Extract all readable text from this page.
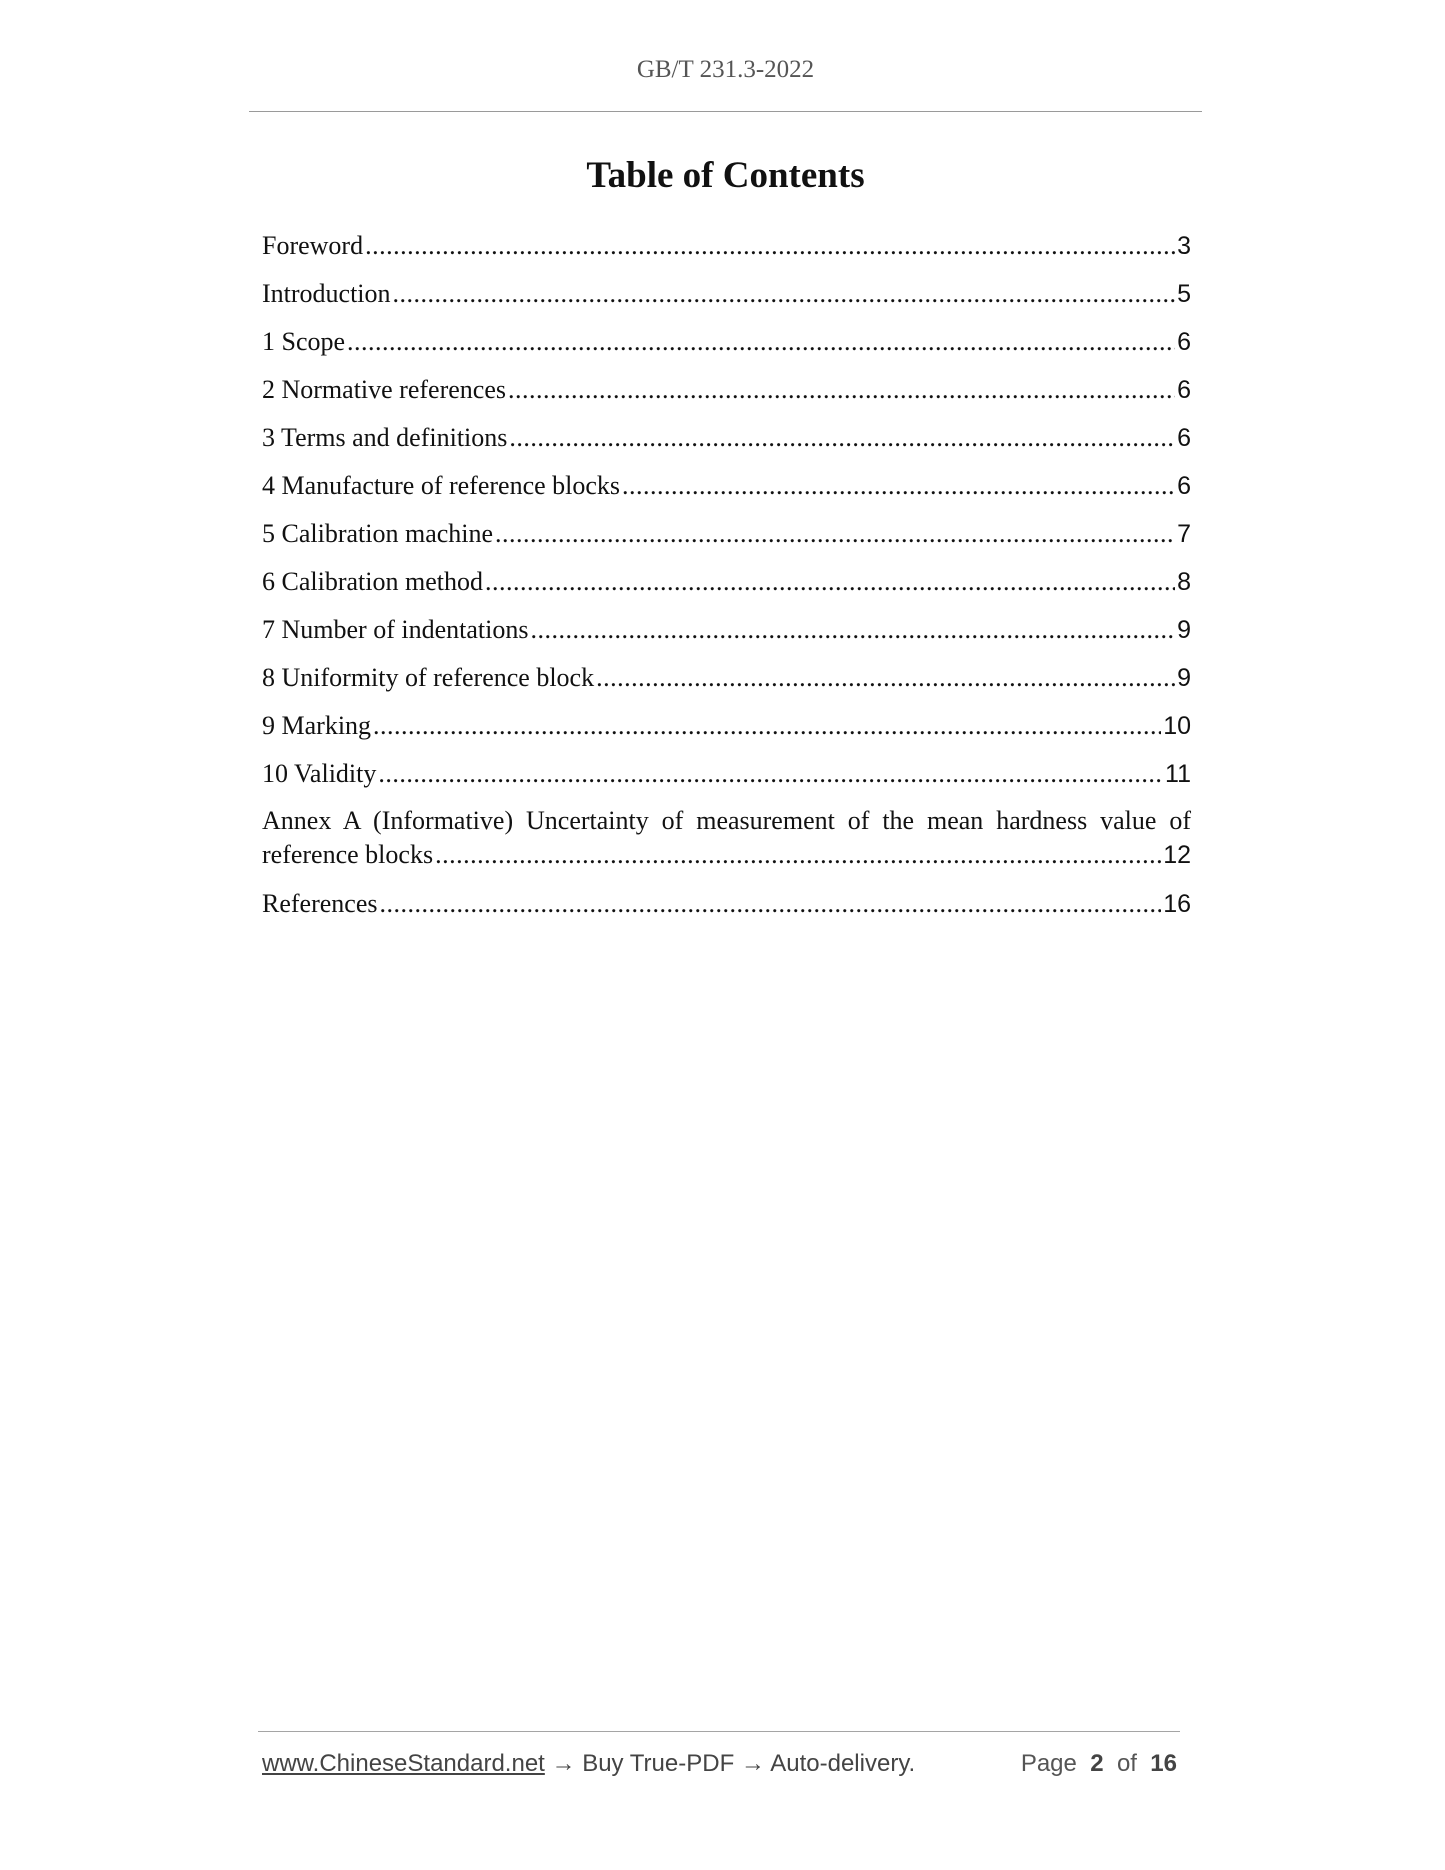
GB/T 231.3-2022
Table of Contents
Foreword .....	3
Introduction .....	5
1 Scope .....	6
2 Normative references .....	6
3 Terms and definitions .....	6
4 Manufacture of reference blocks .....	6
5 Calibration machine .....	7
6 Calibration method .....	8
7 Number of indentations .....	9
8 Uniformity of reference block .....	9
9 Marking .....	10
10 Validity .....	11
Annex A (Informative) Uncertainty of measurement of the mean hardness value of
reference blocks .....	12
References .....	16
www.ChineseStandard.net → Buy True-PDF → Auto-delivery.	Page 2 of 16
